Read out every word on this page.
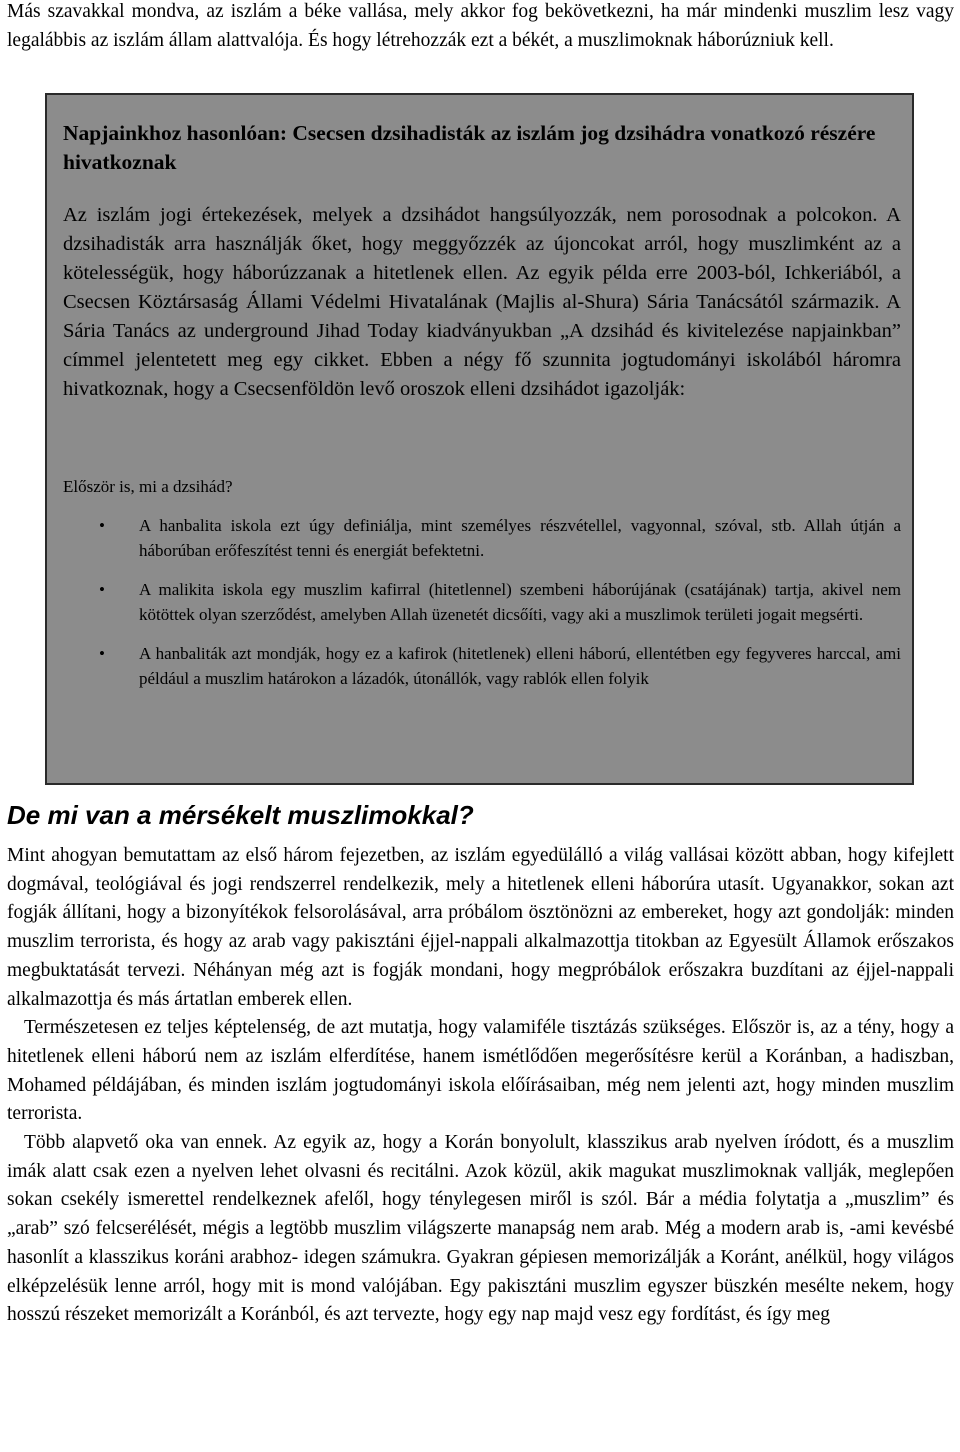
Más szavakkal mondva, az iszlám a béke vallása, mely akkor fog bekövetkezni, ha már mindenki muszlim lesz vagy legalábbis az iszlám állam alattvalója. És hogy létrehozzák ezt a békét, a muszlimoknak háborúzniuk kell.

Napjainkhoz hasonlóan: Csecsen dzsihadisták az iszlám jog dzsihádra vonatkozó részére hivatkoznak

Az iszlám jogi értekezések, melyek a dzsihádot hangsúlyozzák, nem porosodnak a polcokon. A dzsihadisták arra használják őket, hogy meggyőzzék az újoncokat arról, hogy muszlimként az a kötelességük, hogy háborúzzanak a hitetlenek ellen. Az egyik példa erre 2003-ból, Ichkeriából, a Csecsen Köztársaság Állami Védelmi Hivatalának (Majlis al-Shura) Sária Tanácsától származik. A Sária Tanács az underground Jihad Today kiadványukban „A dzsihád és kivitelezése napjainkban” címmel jelentetett meg egy cikket. Ebben a négy fő szunnita jogtudományi iskolából háromra hivatkoznak, hogy a Csecsenföldön levő oroszok elleni dzsihádot igazolják:

Először is, mi a dzsihád?

• A hanbalita iskola ezt úgy definiálja, mint személyes részvétellel, vagyonnal, szóval, stb. Allah útján a háborúban erőfeszítést tenni és energiát befektetni.
• A malikita iskola egy muszlim kafirral (hitetlennel) szembeni háborújának (csatájának) tartja, akivel nem kötöttek olyan szerződést, amelyben Allah üzenetét dicsőíti, vagy aki a muszlimok területi jogait megsérti.
• A hanbaliták azt mondják, hogy ez a kafirok (hitetlenek) elleni háború, ellentétben egy fegyveres harccal, ami például a muszlim határokon a lázadók, útonállók, vagy rablók ellen folyik
De mi van a mérsékelt muszlimokkal?

Mint ahogyan bemutattam az első három fejezetben, az iszlám egyedülálló a világ vallásai között abban, hogy kifejlett dogmával, teológiával és jogi rendszerrel rendelkezik, mely a hitetlenek elleni háborúra utasít. Ugyanakkor, sokan azt fogják állítani, hogy a bizonyítékok felsorolásával, arra próbálom ösztönözni az embereket, hogy azt gondolják: minden muszlim terrorista, és hogy az arab vagy pakisztáni éjjel-nappali alkalmazottja titokban az Egyesült Államok erőszakos megbuktatását tervezi. Néhányan még azt is fogják mondani, hogy megpróbálok erőszakra buzdítani az éjjel-nappali alkalmazottja és más ártatlan emberek ellen.

Természetesen ez teljes képtelenség, de azt mutatja, hogy valamiféle tisztázás szükséges. Először is, az a tény, hogy a hitetlenek elleni háború nem az iszlám elferdítése, hanem ismétlődően megerősítésre kerül a Koránban, a hadiszban, Mohamed példájában, és minden iszlám jogtudományi iskola előírásaiban, még nem jelenti azt, hogy minden muszlim terrorista.

Több alapvető oka van ennek. Az egyik az, hogy a Korán bonyolult, klasszikus arab nyelven íródott, és a muszlim imák alatt csak ezen a nyelven lehet olvasni és recitálni. Azok közül, akik magukat muszlimoknak vallják, meglepően sokan csekély ismerettel rendelkeznek afelől, hogy ténylegesen miről is szól. Bár a média folytatja a „muszlim” és „arab” szó felcserélését, mégis a legtöbb muszlim világszerte manapság nem arab. Még a modern arab is, -ami kevésbé hasonlít a klasszikus koráni arabhoz- idegen számukra. Gyakran gépiesen memorizálják a Koránt, anélkül, hogy világos elképzelésük lenne arról, hogy mit is mond valójában. Egy pakisztáni muszlim egyszer büszkén mesélte nekem, hogy hosszú részeket memorizált a Koránból, és azt tervezte, hogy egy nap majd vesz egy fordítást, és így meg
